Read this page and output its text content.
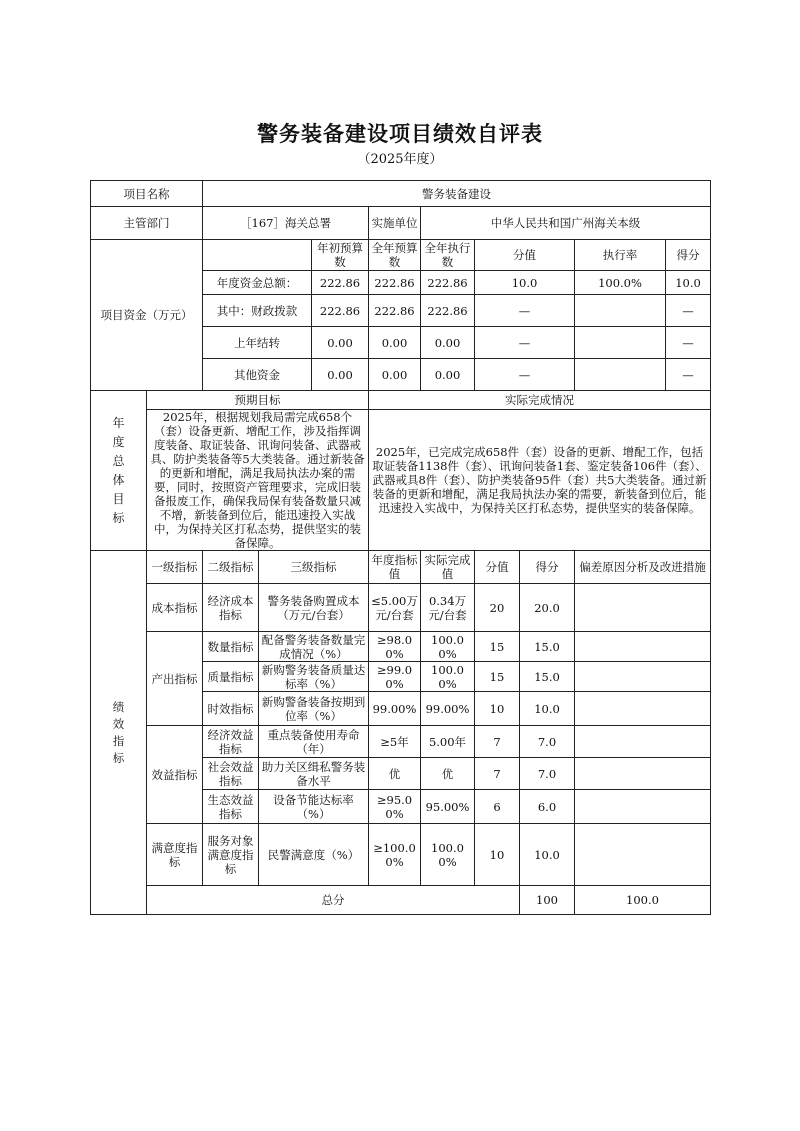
警务装备建设项目绩效自评表
（2025年度）
项目名称		警务装备建设								
主管部门		［167］海关总署			实施单位	中华人民共和国广州海关本级				
项目资金（万元）				年初预算数	全年预算数	全年执行数	分值		执行率 得分	

		年度资金总额：		222.86	222.86	222.86	10.0		100.0% 10.0	

		其中：财政拨款		222.86	222.86	222.86	—		—	

		上年结转		0.00	0.00	0.00	—		—	

		其他资金		0.00	0.00	0.00	—		—	

年度总体目标	预期目标				实际完成情况					
	2025年，根据规划我局需完成658个（套）设备更新、增配工作，涉及指挥调度装备、取证装备、讯询问装备、武器戒具、防护类装备等5大类装备。通过新装备的更新和增配，满足我局执法办案的需要，同时，按照资产管理要求，完成旧装备报废工作，确保我局保有装备数量只减不增，新装备到位后，能迅速投入实战中，为保持关区打私态势，提供坚实的装备保障。				2025年，已完成完成658件（套）设备的更新、增配工作，包括取证装备1138件（套）、讯询问装备1套、鉴定装备106件（套）、武器戒具8件（套）、防护类装备95件（套）共5大类装备。通过新装备的更新和增配，满足我局执法办案的需要，新装备到位后，能迅速投入实战中，为保持关区打私态势，提供坚实的装备保障。					

绩效指标	一级指标	二级指标	三级指标		年度指标值	实际完成值	分值	得分	偏差原因分析及改进措施	
	成本指标	经济成本指标	警务装备购置成本（万元/台套）		≤5.00万元/台套	0.34万元/台套	20	20.0		
	产出指标	数量指标	配备警务装备数量完成情况（%）		≥98.00%	100.00%	15	15.0		
		质量指标	新购警务装备质量达标率（%）		≥99.00%	100.00%	15	15.0		
		时效指标	新购警备装备按期到位率（%）		99.00%	99.00%	10	10.0		
	效益指标	经济效益指标	重点装备使用寿命（年）		≥5年	5.00年	7	7.0		
		社会效益指标	助力关区缉私警务装备水平		优	优	7	7.0		
		生态效益指标	设备节能达标率（%）		≥95.00%	95.00%	6	6.0		
	满意度指标	服务对象满意度指标	民警满意度（%）		≥100.00%	100.00%	10	10.0		
	总分							100	100.0	
